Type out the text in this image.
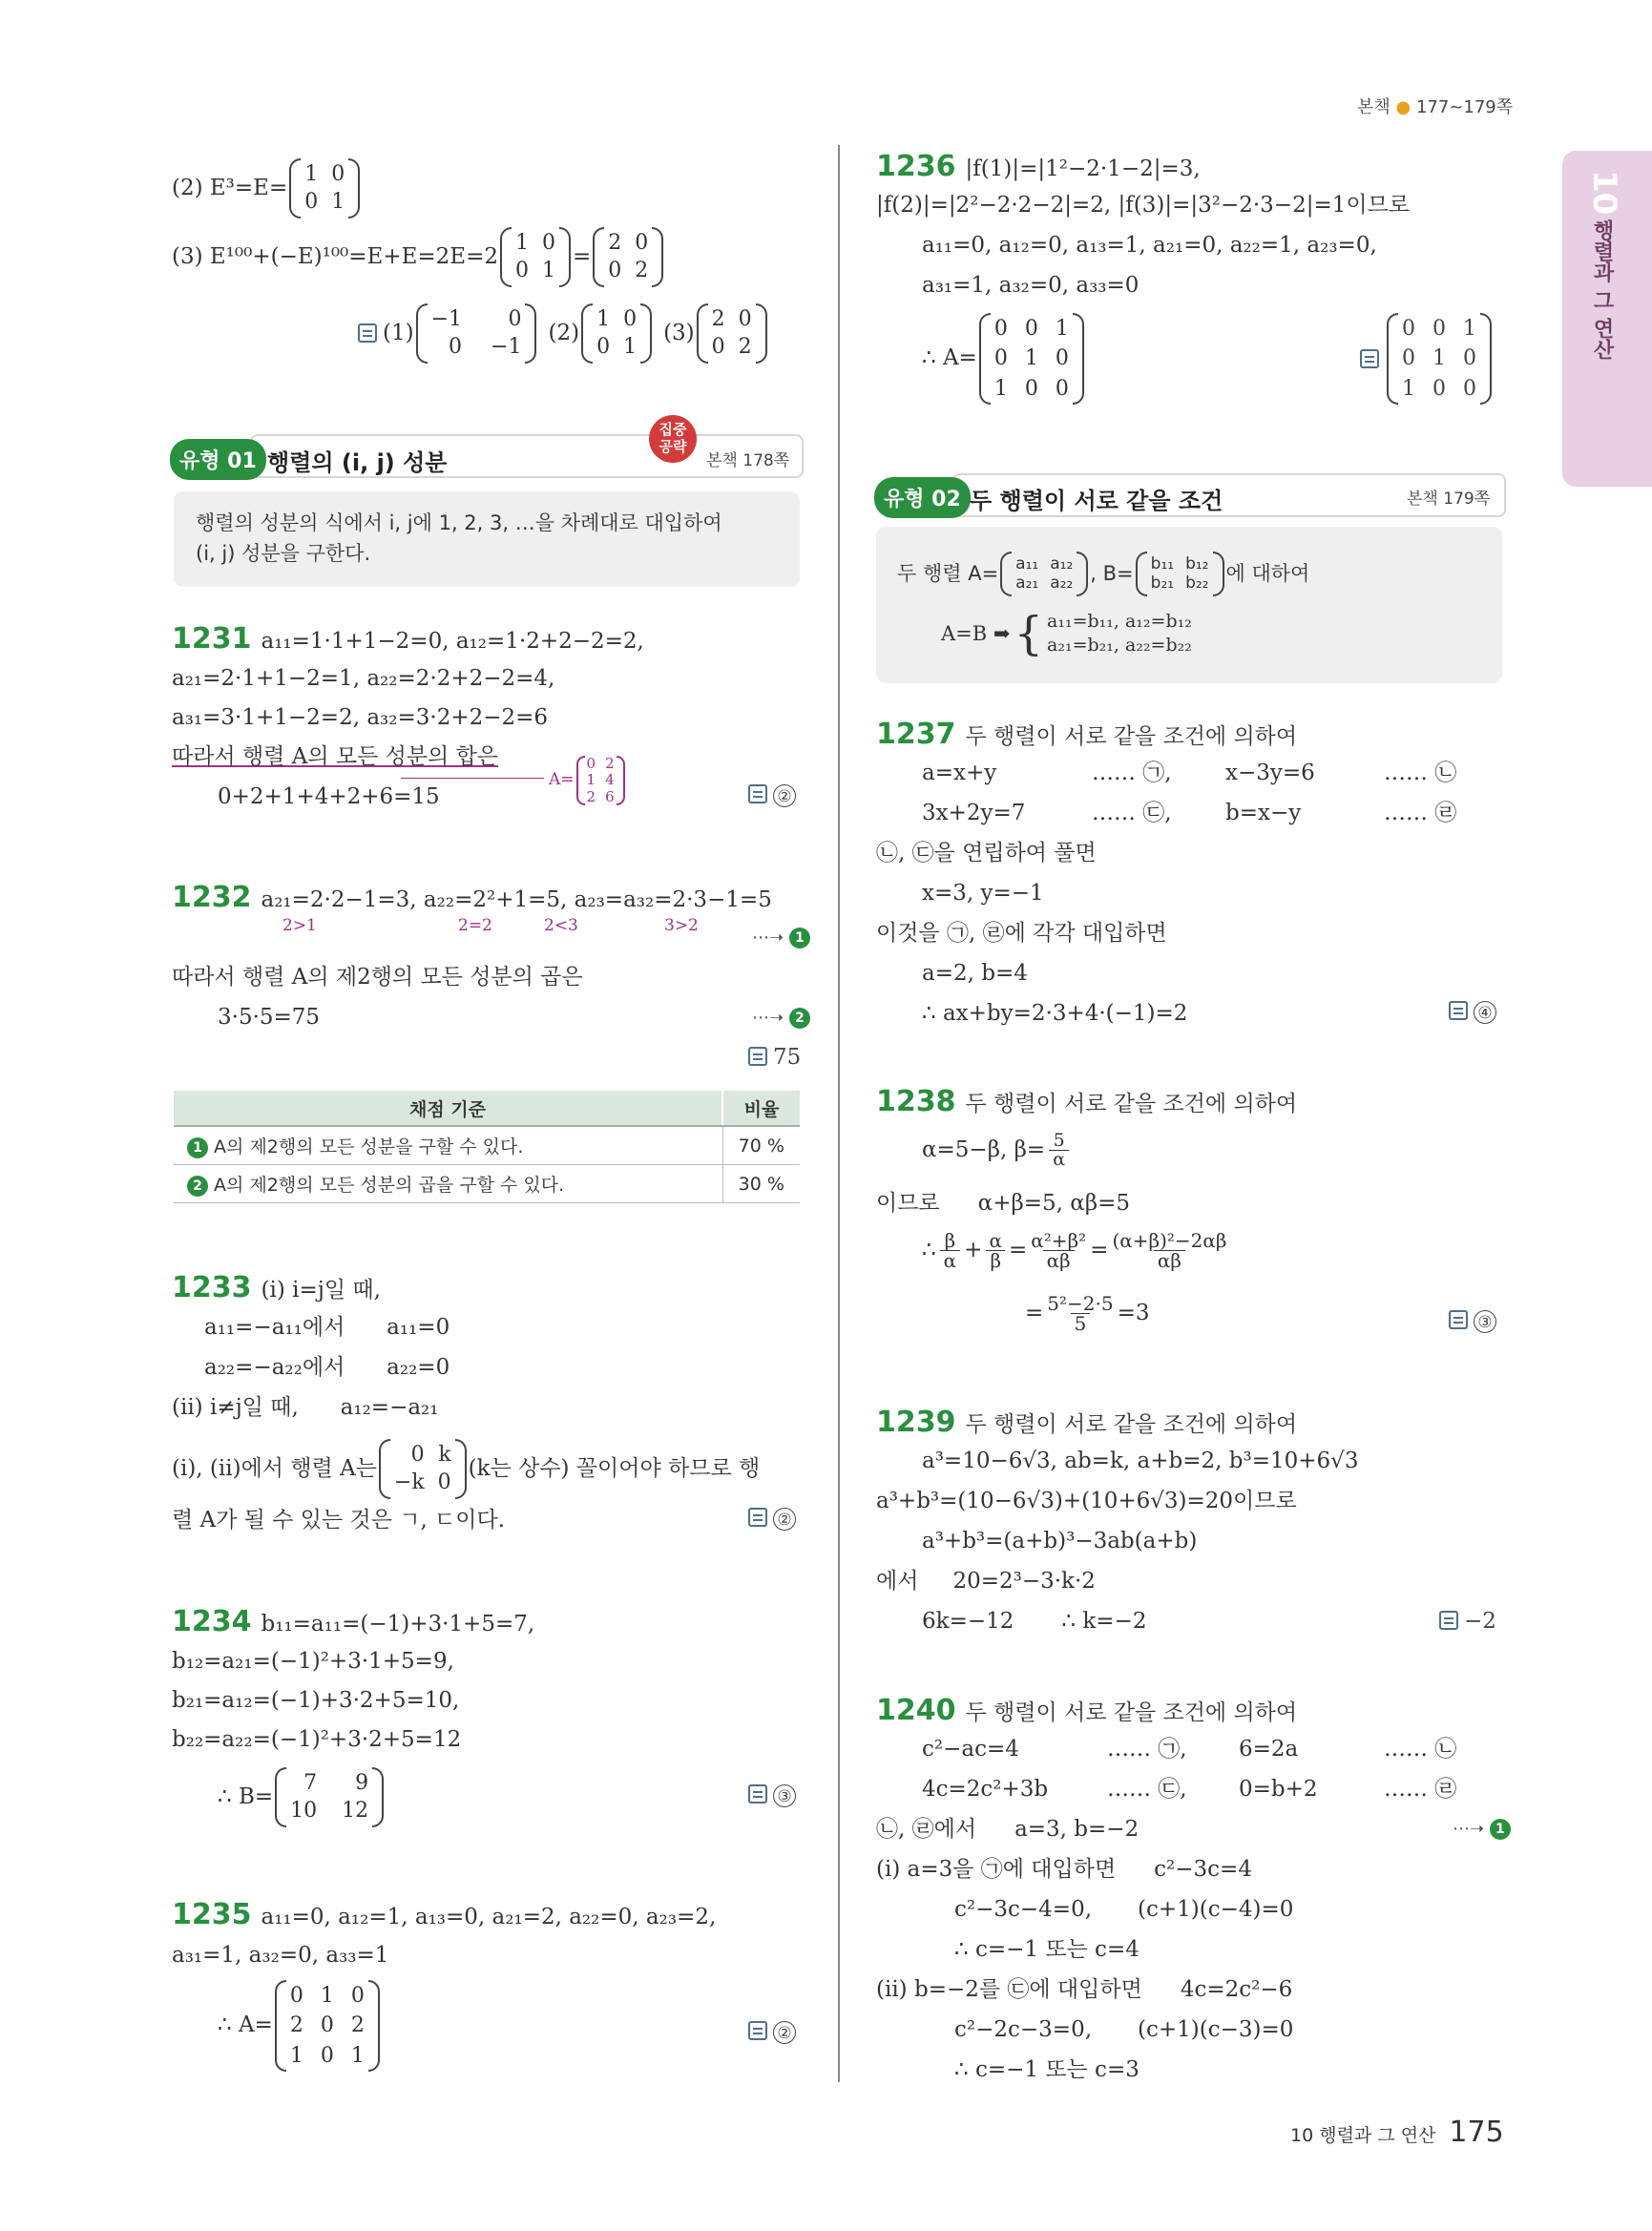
본책 ● 177~179쪽
10
행렬과 그 연산
(2) E³=E=
1 0
0 1
(3) E¹⁰⁰+(−E)¹⁰⁰=E+E=2E=2
1 0
0 1
=
2 0
0 2
(1)
−1	0
0 −1
(2)
1 0
0 1
(3)
2 0
0 2
유형 01 행렬의 (i, j) 성분
집중
공략
본책 178쪽
행렬의 성분의 식에서 i, j에 1, 2, 3, …을 차례대로 대입하여
(i, j) 성분을 구한다.
1231 a₁₁=1·1+1−2=0, a₁₂=1·2+2−2=2,
a₂₁=2·1+1−2=1, a₂₂=2·2+2−2=4,
a₃₁=3·1+1−2=2, a₃₂=3·2+2−2=6
따라서 행렬 A의 모든 성분의 합은
0+2+1+4+2+6=15
A=
0 2
1 4
2 6	②
1232 a₂₁=2·2−1=3, a₂₂=2²+1=5, a₂₃=a₃₂=2·3−1=5
2>1	2=2	2<3	3>2
⋯➝ 1
따라서 행렬 A의 제2행의 모든 성분의 곱은
3·5·5=75	⋯➝ 2
75
채점 기준	비율
1 A의 제2행의 모든 성분을 구할 수 있다.	70 %
2 A의 제2행의 모든 성분의 곱을 구할 수 있다.	30 %
1233 (i) i=j일 때,
a₁₁=−a₁₁에서      a₁₁=0
a₂₂=−a₂₂에서      a₂₂=0
(ii) i≠j일 때,      a₁₂=−a₂₁
(i), (ii)에서 행렬 A는
0 k
−k 0
(k는 상수) 꼴이어야 하므로 행
렬 A가 될 수 있는 것은 ㄱ, ㄷ이다.	②
1234 b₁₁=a₁₁=(−1)+3·1+5=7,
b₁₂=a₂₁=(−1)²+3·1+5=9,
b₂₁=a₁₂=(−1)+3·2+5=10,
b₂₂=a₂₂=(−1)²+3·2+5=12
∴ B=
7	9
10 12
③
1235 a₁₁=0, a₁₂=1, a₁₃=0, a₂₁=2, a₂₂=0, a₂₃=2,
a₃₁=1, a₃₂=0, a₃₃=1
∴ A=
0 1 0
2 0 2
1 0 1
②
1236 |f(1)|=|1²−2·1−2|=3,
|f(2)|=|2²−2·2−2|=2, |f(3)|=|3²−2·3−2|=1이므로
a₁₁=0, a₁₂=0, a₁₃=1, a₂₁=0, a₂₂=1, a₂₃=0,
a₃₁=1, a₃₂=0, a₃₃=0
∴ A=
0 0 1
0 1 0
1 0 0
0 0 1
0 1 0
1 0 0
유형 02 두 행렬이 서로 같을 조건	본책 179쪽
두 행렬 A= a₁₁ a₁₂
a₂₁ a₂₂ , B= b₁₁ b₁₂
b₂₁ b₂₂ 에 대하여
A=B ➡ { a₁₁=b₁₁, a₁₂=b₁₂
a₂₁=b₂₁, a₂₂=b₂₂
1237 두 행렬이 서로 같을 조건에 의하여
a=x+y	…… ㉠, x−3y=6	…… ㉡
3x+2y=7	…… ㉢, b=x−y	…… ㉣
㉡, ㉢을 연립하여 풀면
x=3, y=−1
이것을 ㉠, ㉣에 각각 대입하면
a=2, b=4
∴ ax+by=2·3+4·(−1)=2	④
1238 두 행렬이 서로 같을 조건에 의하여
α=5−β, $\beta= \frac{5}{\alpha}$
이므로 α+β=5, αβ=5
∴ β
$\alpha + \frac{\alpha}{\beta} = \frac{\text{α²+β²}}{\alpha\beta} = \frac{\text{(α+β)²−2αβ}}{\alpha\beta}$
= $\frac{\text{5²−2·5}}{5} =3$	③
1239 두 행렬이 서로 같을 조건에 의하여
a³=10−6√3, ab=k, a+b=2, b³=10+6√3
a³+b³=(10−6√3)+(10+6√3)=20이므로
a³+b³=(a+b)³−3ab(a+b)
에서 20=2³−3·k·2
6k=−12 ∴ k=−2	−2
1240 두 행렬이 서로 같을 조건에 의하여
c²−ac=4	…… ㉠, 6=2a	…… ㉡
4c=2c²+3b	…… ㉢, 0=b+2	…… ㉣
㉡, ㉣에서 a=3, b=−2	⋯➝ 1
(i) a=3을 ㉠에 대입하면 c²−3c=4
c²−3c−4=0, (c+1)(c−4)=0
∴ c=−1 또는 c=4
(ii) b=−2를 ㉢에 대입하면 4c=2c²−6
c²−2c−3=0, (c+1)(c−3)=0
∴ c=−1 또는 c=3
10 행렬과 그 연산 175
